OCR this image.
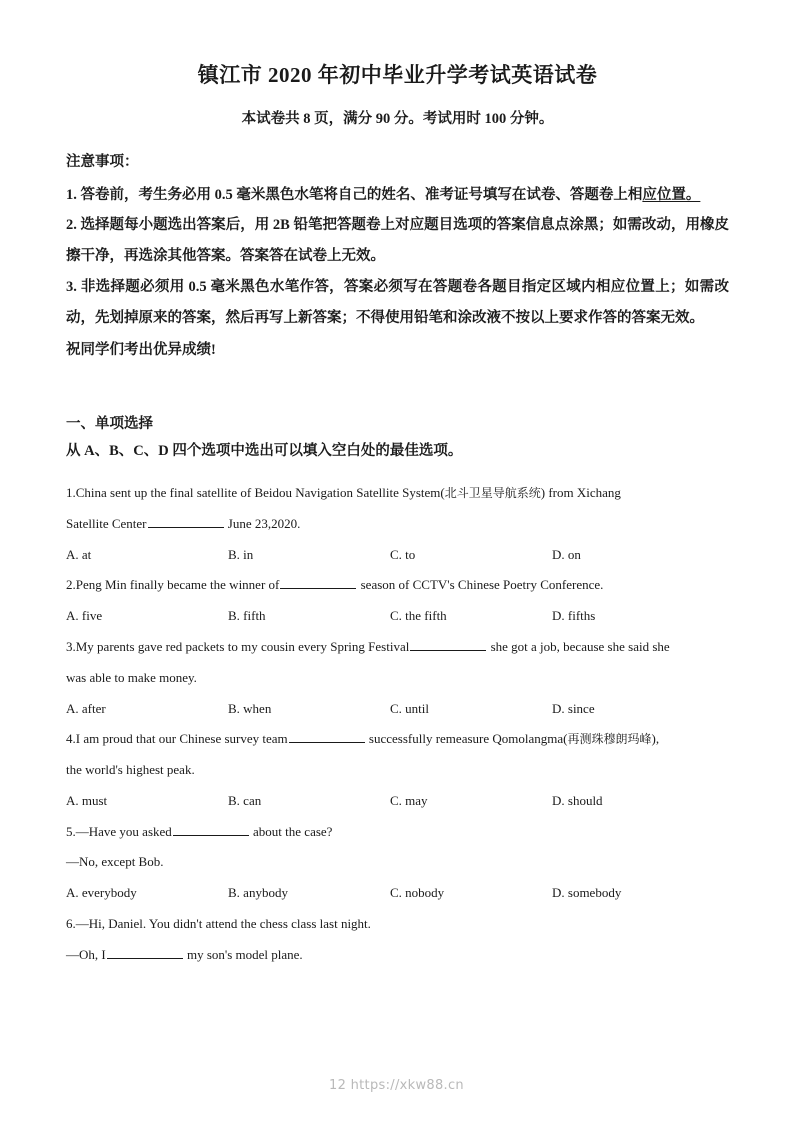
镇江市 2020 年初中毕业升学考试英语试卷

本试卷共 8 页，满分 90 分。考试用时 100 分钟。

注意事项：

1. 答卷前，考生务必用 0.5 毫米黑色水笔将自己的姓名、准考证号填写在试卷、答题卷上相应位置。

2. 选择题每小题选出答案后，用 2B 铅笔把答题卷上对应题目选项的答案信息点涂黑；如需改动，用橡皮擦干净，再选涂其他答案。答案答在试卷上无效。

3. 非选择题必须用 0.5 毫米黑色水笔作答，答案必须写在答题卷各题目指定区域内相应位置上；如需改动，先划掉原来的答案，然后再写上新答案；不得使用铅笔和涂改液不按以上要求作答的答案无效。

祝同学们考出优异成绩!

一、单项选择

从 A、B、C、D 四个选项中选出可以填入空白处的最佳选项。

1.China sent up the final satellite of Beidou Navigation Satellite System(北斗卫星导航系统) from Xichang

Satellite Center	June 23,2020.

A. at	B. in	C. to	D. on

2.Peng Min finally became the winner of	season of CCTV's Chinese Poetry Conference.

A. five	B. fifth	C. the fifth	D. fifths

3.My parents gave red packets to my cousin every Spring Festival	she got a job, because she said she

was able to make money.

A. after	B. when	C. until	D. since

4.I am proud that our Chinese survey team	successfully remeasure Qomolangma(再测珠穆朗玛峰),

the world's highest peak.

A. must	B. can	C. may	D. should

5.—Have you asked	about the case?

—No, except Bob.

A. everybody	B. anybody	C. nobody	D. somebody

6.—Hi, Daniel. You didn't attend the chess class last night.

—Oh, I	my son's model plane.

12 https://xkw88.cn
